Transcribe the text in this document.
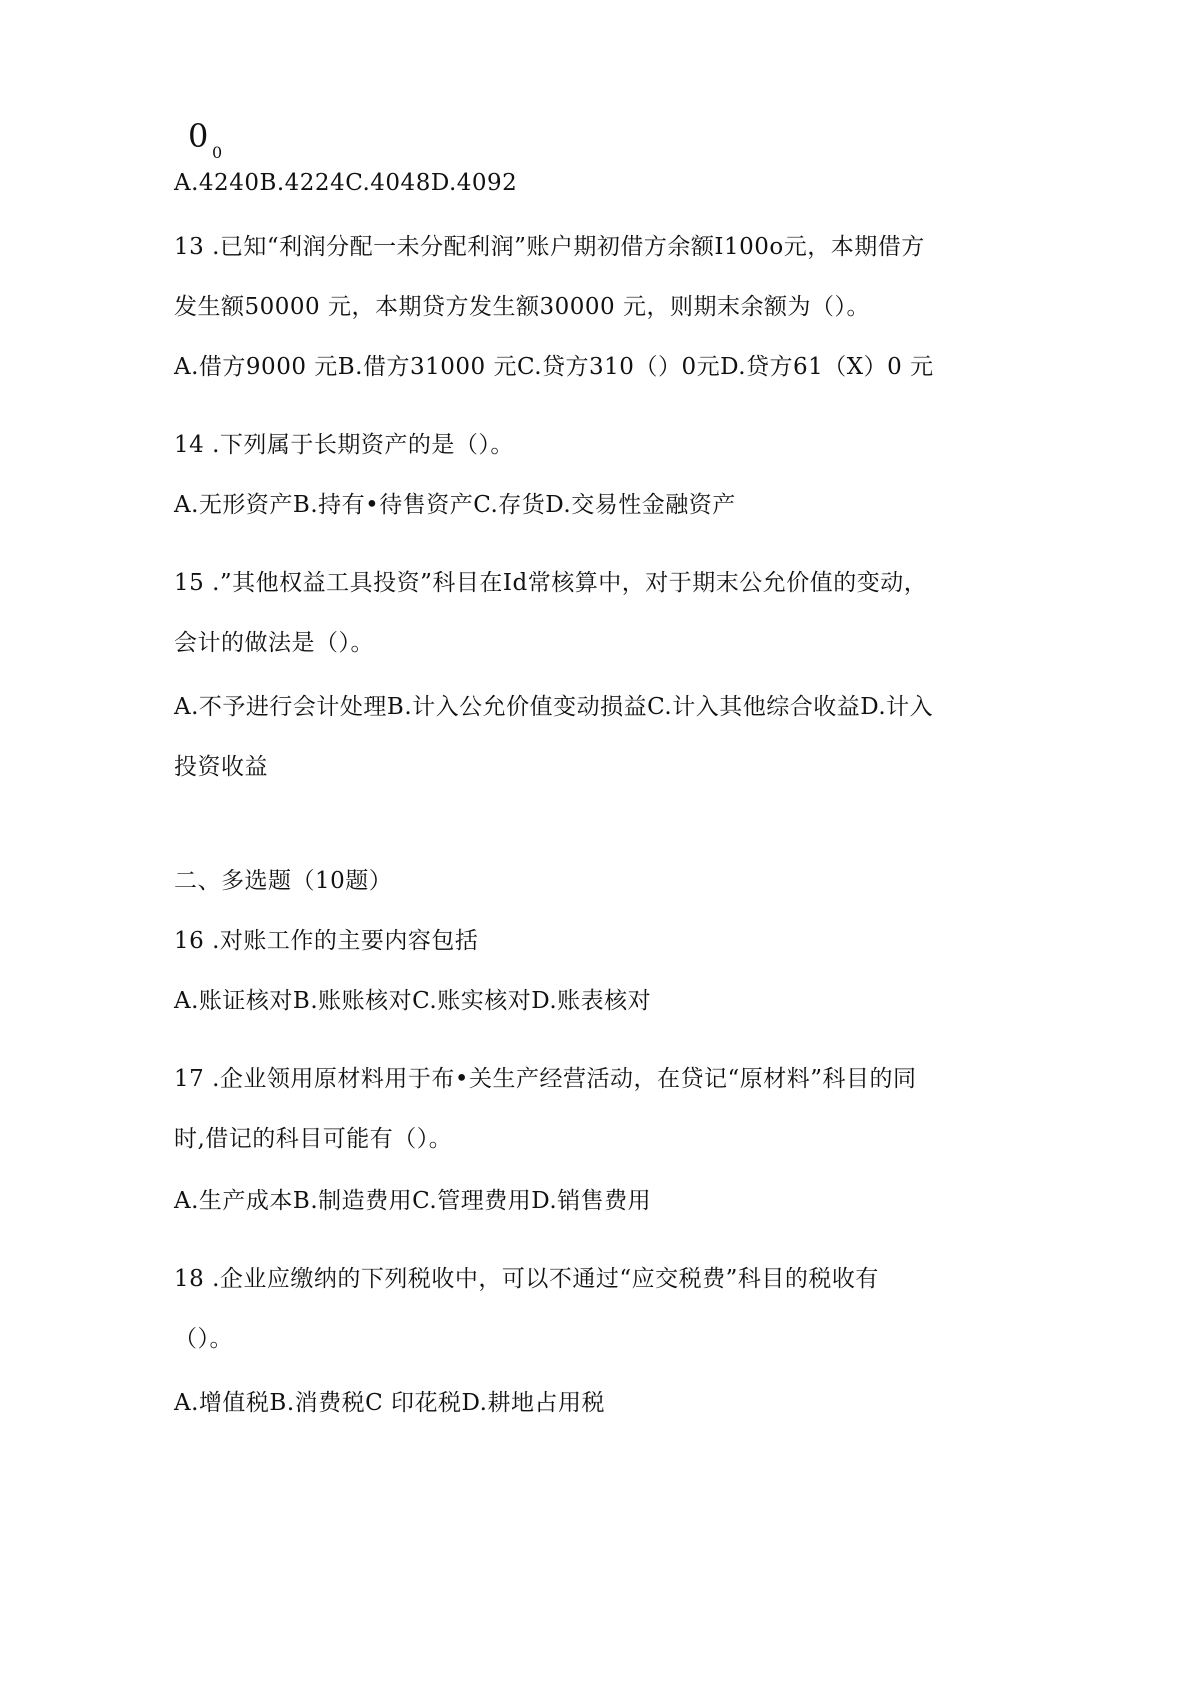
0 0
A.4240B.4224C.4048D.4092
13 .已知“利润分配一未分配利润”账户期初借方余额I100o元，本期借方
发生额50000 元，本期贷方发生额30000 元，则期末余额为（）。
A.借方9000 元B.借方31000 元C.贷方310（）0元D.贷方61（X）0 元
14 .下列属于长期资产的是（）。
A.无形资产B.持有•待售资产C.存货D.交易性金融资产
15 .”其他权益工具投资”科目在Id常核算中，对于期末公允价值的变动，
会计的做法是（）。
A.不予进行会计处理B.计入公允价值变动损益C.计入其他综合收益D.计入
投资收益
二、多选题（10题）
16 .对账工作的主要内容包括
A.账证核对B.账账核对C.账实核对D.账表核对
17 .企业领用原材料用于布•关生产经营活动，在贷记“原材料”科目的同
时,借记的科目可能有（）。
A.生产成本B.制造费用C.管理费用D.销售费用
18 .企业应缴纳的下列税收中，可以不通过“应交税费”科目的税收有
（）。
A.增值税B.消费税C 印花税D.耕地占用税
